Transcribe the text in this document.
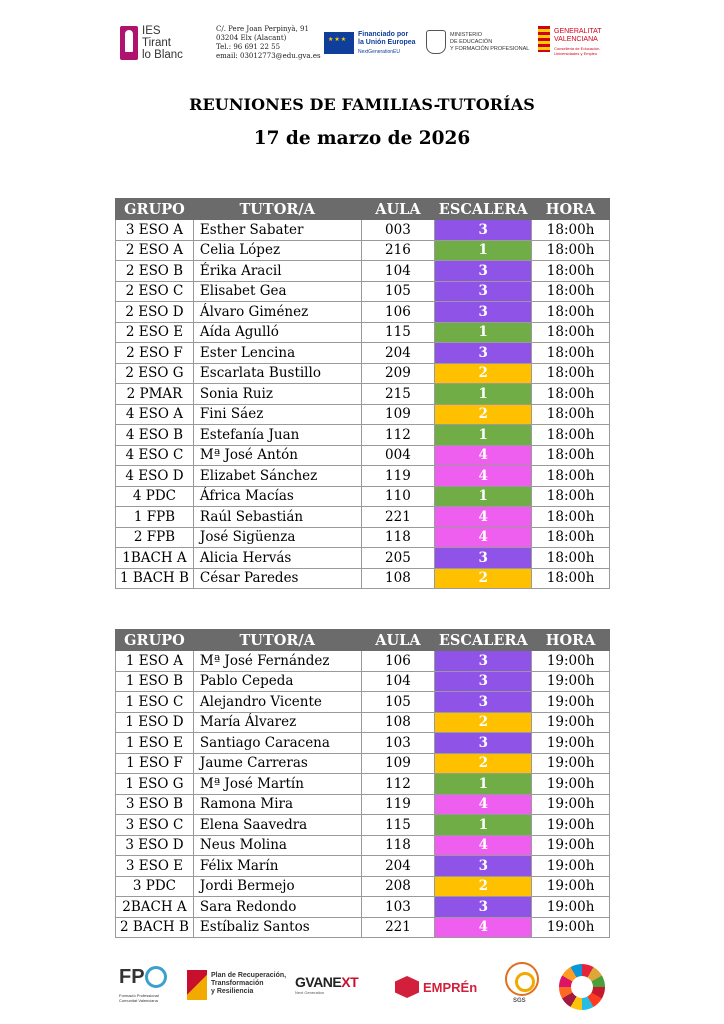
IES
Tirant
lo Blanc
C/. Pere Joan Perpinyà, 91
03204 Elx (Alacant)
Tel.: 96 691 22 55
email: 03012773@edu.gva.es
★★★
Financiado por
la Unión Europea
NextGenerationEU
MINISTERIO
DE EDUCACIÓN
Y FORMACIÓN PROFESIONAL
GENERALITAT
VALENCIANA
Conselleria de Educación, Universidades y Empleo
REUNIONES DE FAMILIAS-TUTORÍAS
17 de marzo de 2026
GRUPO	TUTOR/A	AULA	ESCALERA	HORA
3 ESO A	Esther Sabater	003	3	18:00h
2 ESO A	Celia López	216	1	18:00h
2 ESO B	Érika Aracil	104	3	18:00h
2 ESO C	Elisabet Gea	105	3	18:00h
2 ESO D	Álvaro Giménez	106	3	18:00h
2 ESO E	Aída Agulló	115	1	18:00h
2 ESO F	Ester Lencina	204	3	18:00h
2 ESO G	Escarlata Bustillo	209	2	18:00h
2 PMAR	Sonia Ruiz	215	1	18:00h
4 ESO A	Fini Sáez	109	2	18:00h
4 ESO B	Estefanía Juan	112	1	18:00h
4 ESO C	Mª José Antón	004	4	18:00h
4 ESO D	Elizabet Sánchez	119	4	18:00h
4 PDC	África Macías	110	1	18:00h
1 FPB	Raúl Sebastián	221	4	18:00h
2 FPB	José Sigüenza	118	4	18:00h
1BACH A	Alicia Hervás	205	3	18:00h
1 BACH B	César Paredes	108	2	18:00h
GRUPO	TUTOR/A	AULA	ESCALERA	HORA
1 ESO A	Mª José Fernández	106	3	19:00h
1 ESO B	Pablo Cepeda	104	3	19:00h
1 ESO C	Alejandro Vicente	105	3	19:00h
1 ESO D	María Álvarez	108	2	19:00h
1 ESO E	Santiago Caracena	103	3	19:00h
1 ESO F	Jaume Carreras	109	2	19:00h
1 ESO G	Mª José Martín	112	1	19:00h
3 ESO B	Ramona Mira	119	4	19:00h
3 ESO C	Elena Saavedra	115	1	19:00h
3 ESO D	Neus Molina	118	4	19:00h
3 ESO E	Félix Marín	204	3	19:00h
3 PDC	Jordi Bermejo	208	2	19:00h
2BACH A	Sara Redondo	103	3	19:00h
2 BACH B	Estíbaliz Santos	221	4	19:00h
FP
Formació Professional Comunitat Valenciana
Plan de Recuperación,
Transformación
y Resiliencia
GVANEXT
Next Generation	EMPRÉn
SGS
